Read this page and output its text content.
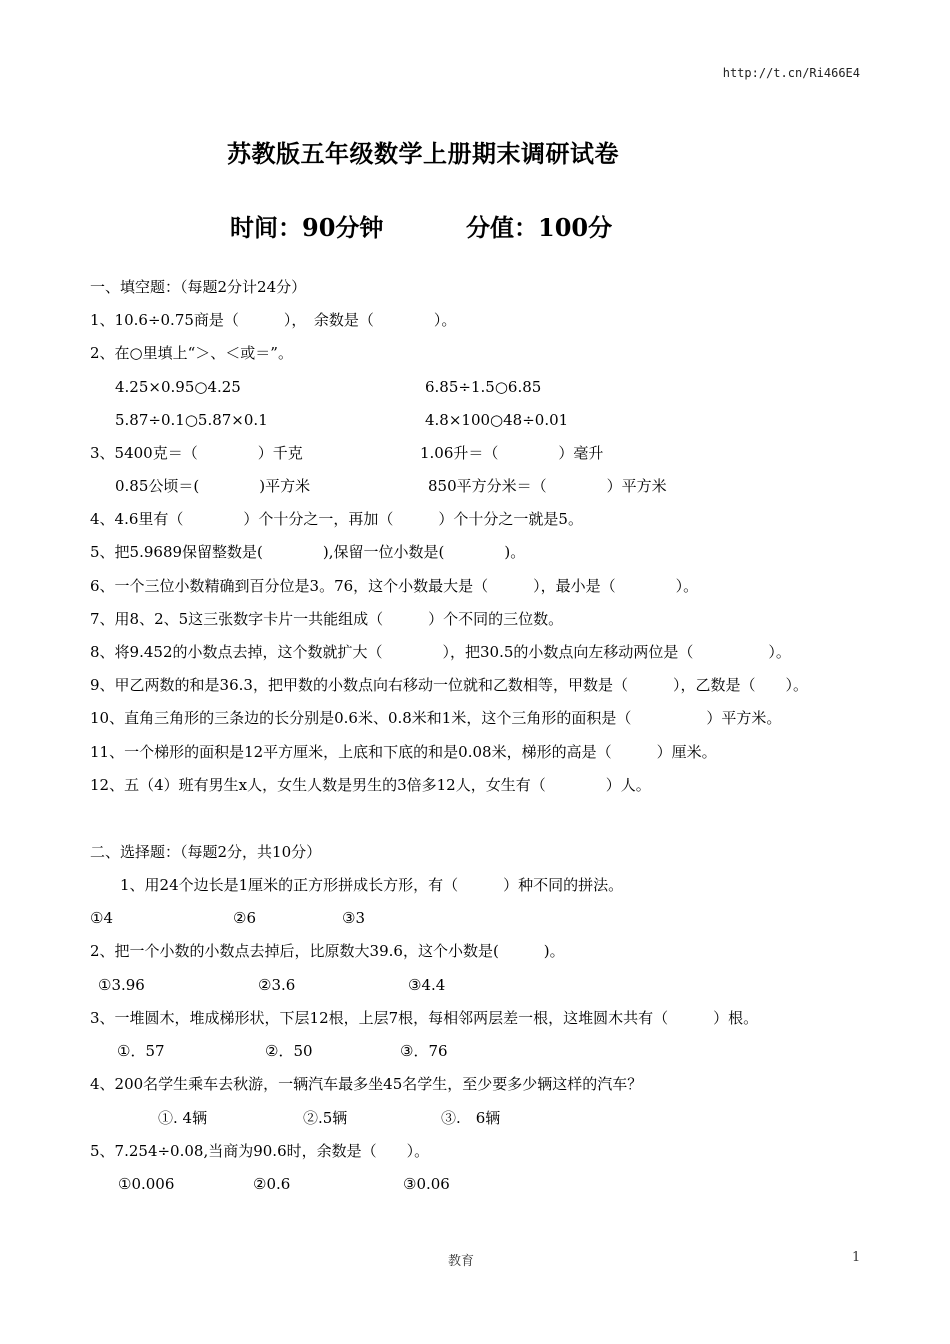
http://t.cn/Ri466E4
苏教版五年级数学上册期末调研试卷
时间：90分钟	分值：100分
一、填空题：（每题2分计24分）
1、10.6÷0.75商是（　　　），　余数是（　　　　）。
2、在○里填上“＞、＜或＝”。
4.25×0.95○4.25	6.85÷1.5○6.85
5.87÷0.1○5.87×0.1	4.8×100○48÷0.01
3、5400克＝（　　　　）千克	1.06升＝（　　　　）毫升
0.85公顷＝(　　　　)平方米	850平方分米＝（　　　　）平方米
4、4.6里有（　　　　）个十分之一，再加（　　　）个十分之一就是5。
5、把5.9689保留整数是(　　　　),保留一位小数是(　　　　)。
6、一个三位小数精确到百分位是3。76，这个小数最大是（　　　），最小是（　　　　）。
7、用8、2、5这三张数字卡片一共能组成（　　　）个不同的三位数。
8、将9.452的小数点去掉，这个数就扩大（　　　　），把30.5的小数点向左移动两位是（　　　　　）。
9、甲乙两数的和是36.3，把甲数的小数点向右移动一位就和乙数相等，甲数是（　　　），乙数是（　　）。
10、直角三角形的三条边的长分别是0.6米、0.8米和1米，这个三角形的面积是（　　　　　）平方米。
11、一个梯形的面积是12平方厘米，上底和下底的和是0.08米，梯形的高是（　　　）厘米。
12、五（4）班有男生x人，女生人数是男生的3倍多12人，女生有（　　　　）人。
二、选择题：（每题2分，共10分）
1、用24个边长是1厘米的正方形拼成长方形，有（　　　）种不同的拼法。
①4	②6	③3
2、把一个小数的小数点去掉后，比原数大39.6，这个小数是(　　　)。
①3.96	②3.6	③4.4
3、一堆圆木，堆成梯形状，下层12根，上层7根，每相邻两层差一根，这堆圆木共有（　　　）根。
①．57	②．50	③．76
4、200名学生乘车去秋游，一辆汽车最多坐45名学生，至少要多少辆这样的汽车？
①. 4辆	②.5辆	③.　6辆
5、7.254÷0.08,当商为90.6时，余数是（　　）。
①0.006	②0.6	③0.06
教育	1
